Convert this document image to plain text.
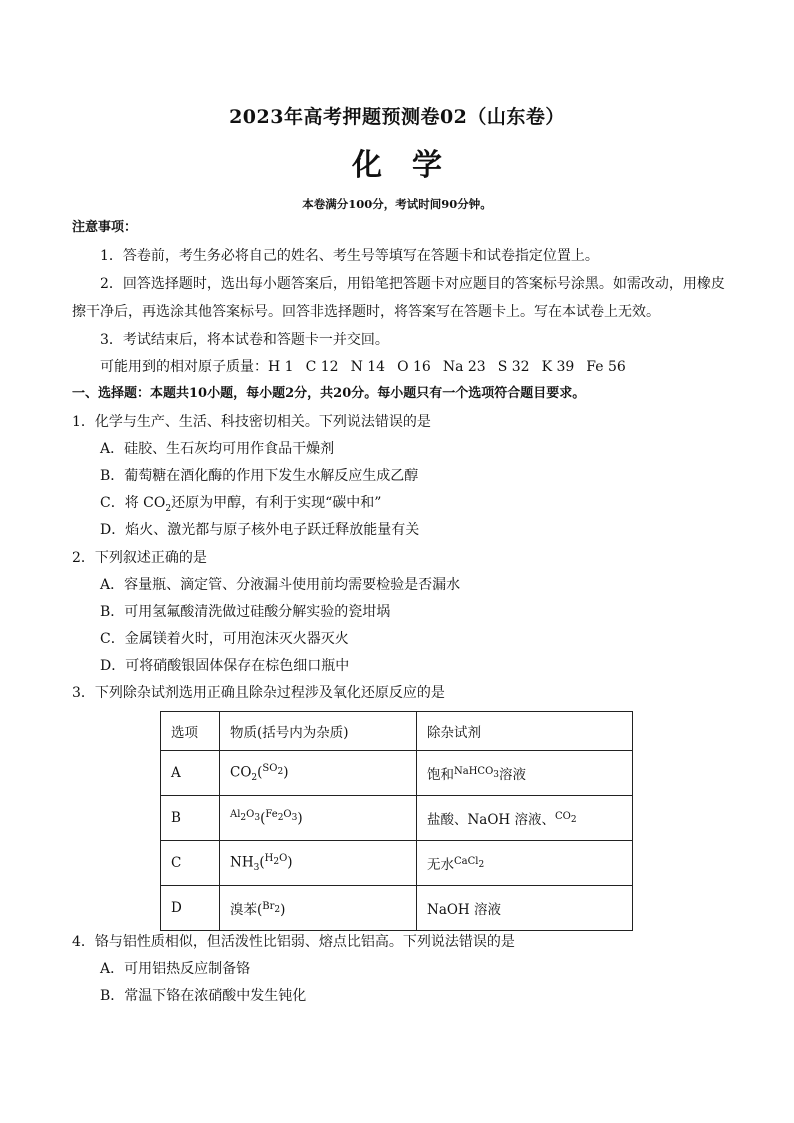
2023年高考押题预测卷02（山东卷）
化学
本卷满分100分，考试时间90分钟。
注意事项：
1．答卷前，考生务必将自己的姓名、考生号等填写在答题卡和试卷指定位置上。
2．回答选择题时，选出每小题答案后，用铅笔把答题卡对应题目的答案标号涂黑。如需改动，用橡皮
擦干净后，再选涂其他答案标号。回答非选择题时，将答案写在答题卡上。写在本试卷上无效。
3．考试结束后，将本试卷和答题卡一并交回。
可能用到的相对原子质量：H 1 C 12 N 14 O 16 Na 23 S 32 K 39 Fe 56
一、选择题：本题共10小题，每小题2分，共20分。每小题只有一个选项符合题目要求。
1．化学与生产、生活、科技密切相关。下列说法错误的是
A．硅胶、生石灰均可用作食品干燥剂
B．葡萄糖在酒化酶的作用下发生水解反应生成乙醇
C．将 $CO_2$还原为甲醇，有利于实现“碳中和”
D．焰火、激光都与原子核外电子跃迁释放能量有关
2．下列叙述正确的是
A．容量瓶、滴定管、分液漏斗使用前均需要检验是否漏水
B．可用氢氟酸清洗做过硅酸分解实验的瓷坩埚
C．金属镁着火时，可用泡沫灭火器灭火
D．可将硝酸银固体保存在棕色细口瓶中
3．下列除杂试剂选用正确且除杂过程涉及氧化还原反应的是
选项	物质(括号内为杂质)	除杂试剂
A	$CO_2(^{SO_2})$	饱和$^{NaHCO_3}$溶液
B	$^{Al_2O_3}$($^{Fe_2O_3}$)	盐酸、NaOH 溶液、$^{CO_2}$
C	$NH_3(^{H_2O})$	无水$^{CaCl_2}$
D	溴苯($^{Br_2}$)	NaOH 溶液
4．铬与铝性质相似，但活泼性比铝弱、熔点比铝高。下列说法错误的是
A．可用铝热反应制备铬
B．常温下铬在浓硝酸中发生钝化
